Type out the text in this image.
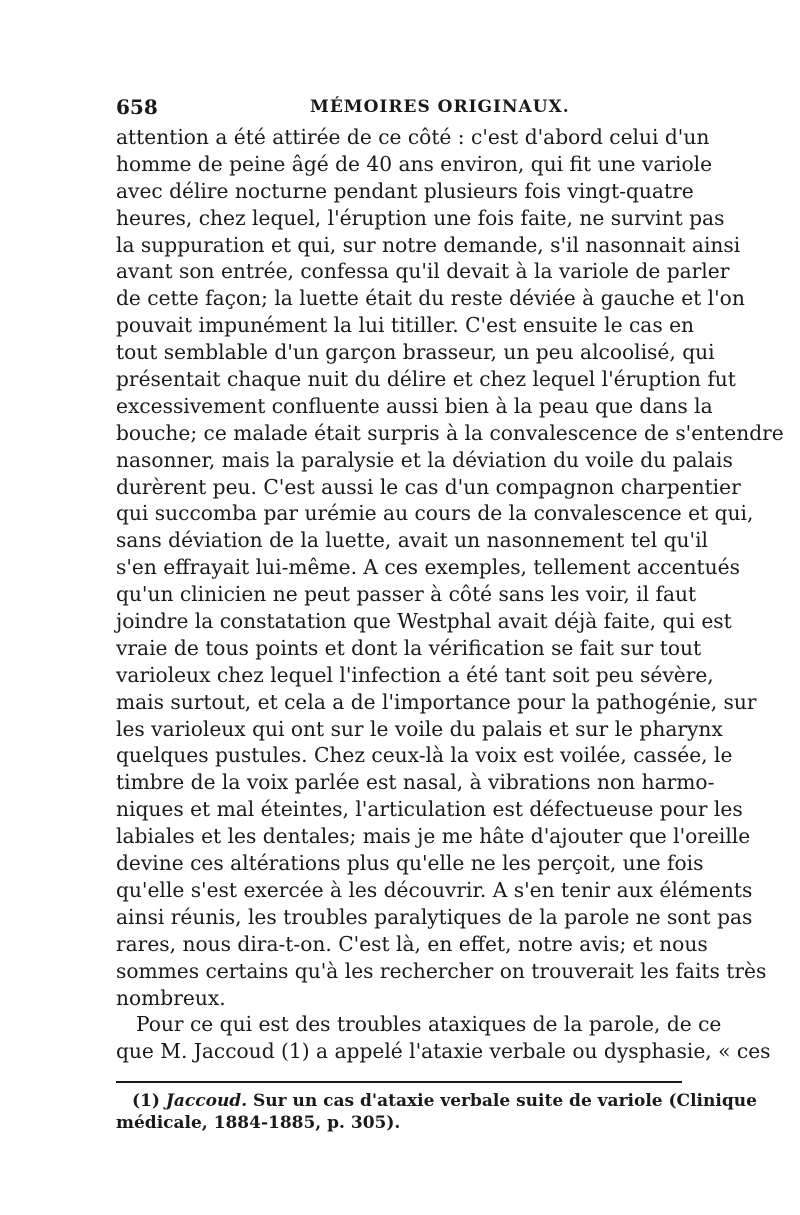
658	MÉMOIRES ORIGINAUX.
attention a été attirée de ce côté : c'est d'abord celui d'un
homme de peine âgé de 40 ans environ, qui fit une variole
avec délire nocturne pendant plusieurs fois vingt-quatre
heures, chez lequel, l'éruption une fois faite, ne survint pas
la suppuration et qui, sur notre demande, s'il nasonnait ainsi
avant son entrée, confessa qu'il devait à la variole de parler
de cette façon; la luette était du reste déviée à gauche et l'on
pouvait impunément la lui titiller. C'est ensuite le cas en
tout semblable d'un garçon brasseur, un peu alcoolisé, qui
présentait chaque nuit du délire et chez lequel l'éruption fut
excessivement confluente aussi bien à la peau que dans la
bouche; ce malade était surpris à la convalescence de s'entendre
nasonner, mais la paralysie et la déviation du voile du palais
durèrent peu. C'est aussi le cas d'un compagnon charpentier
qui succomba par urémie au cours de la convalescence et qui,
sans déviation de la luette, avait un nasonnement tel qu'il
s'en effrayait lui-même. A ces exemples, tellement accentués
qu'un clinicien ne peut passer à côté sans les voir, il faut
joindre la constatation que Westphal avait déjà faite, qui est
vraie de tous points et dont la vérification se fait sur tout
varioleux chez lequel l'infection a été tant soit peu sévère,
mais surtout, et cela a de l'importance pour la pathogénie, sur
les varioleux qui ont sur le voile du palais et sur le pharynx
quelques pustules. Chez ceux-là la voix est voilée, cassée, le
timbre de la voix parlée est nasal, à vibrations non harmo-
niques et mal éteintes, l'articulation est défectueuse pour les
labiales et les dentales; mais je me hâte d'ajouter que l'oreille
devine ces altérations plus qu'elle ne les perçoit, une fois
qu'elle s'est exercée à les découvrir. A s'en tenir aux éléments
ainsi réunis, les troubles paralytiques de la parole ne sont pas
rares, nous dira-t-on. C'est là, en effet, notre avis; et nous
sommes certains qu'à les rechercher on trouverait les faits très
nombreux.
Pour ce qui est des troubles ataxiques de la parole, de ce
que M. Jaccoud (1) a appelé l'ataxie verbale ou dysphasie, « ces
(1) Jaccoud. Sur un cas d'ataxie verbale suite de variole (Clinique
médicale, 1884-1885, p. 305).
